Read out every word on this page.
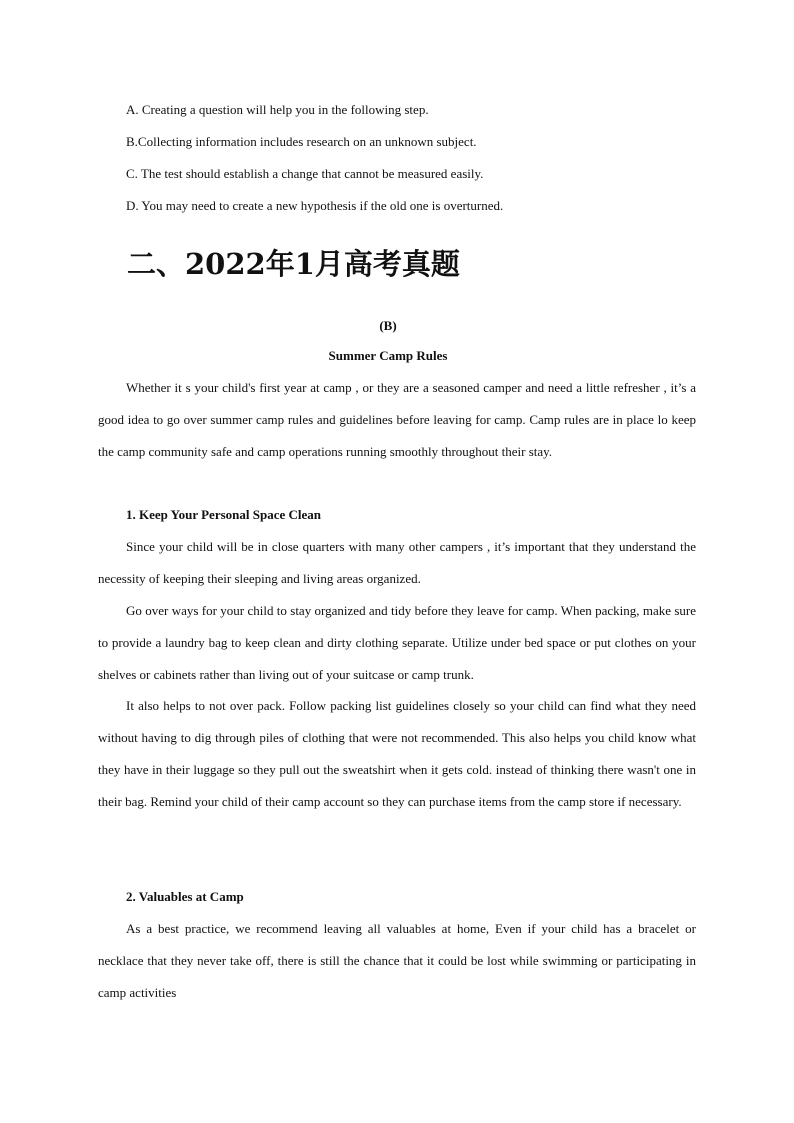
A. Creating a question will help you in the following step.
B.Collecting information includes research on an unknown subject.
C. The test should establish a change that cannot be measured easily.
D. You may need to create a new hypothesis if the old one is overturned.
二、2022年1月高考真题
(B)
Summer Camp Rules

Whether it s your child's first year at camp , or they are a seasoned camper and need a little refresher , it’s a good idea to go over summer camp rules and guidelines before leaving for camp. Camp rules are in place lo keep the camp community safe and camp operations running smoothly throughout their stay.

1. Keep Your Personal Space Clean

Since your child will be in close quarters with many other campers , it’s important that they understand the necessity of keeping their sleeping and living areas organized.

Go over ways for your child to stay organized and tidy before they leave for camp. When packing, make sure to provide a laundry bag to keep clean and dirty clothing separate. Utilize under bed space or put clothes on your shelves or cabinets rather than living out of your suitcase or camp trunk.

It also helps to not over pack. Follow packing list guidelines closely so your child can find what they need without having to dig through piles of clothing that were not recommended. This also helps you child know what they have in their luggage so they pull out the sweatshirt when it gets cold. instead of thinking there wasn't one in their bag. Remind your child of their camp account so they can purchase items from the camp store if necessary.

2. Valuables at Camp

As a best practice, we recommend leaving all valuables at home, Even if your child has a bracelet or necklace that they never take off, there is still the chance that it could be lost while swimming or participating in camp activities
